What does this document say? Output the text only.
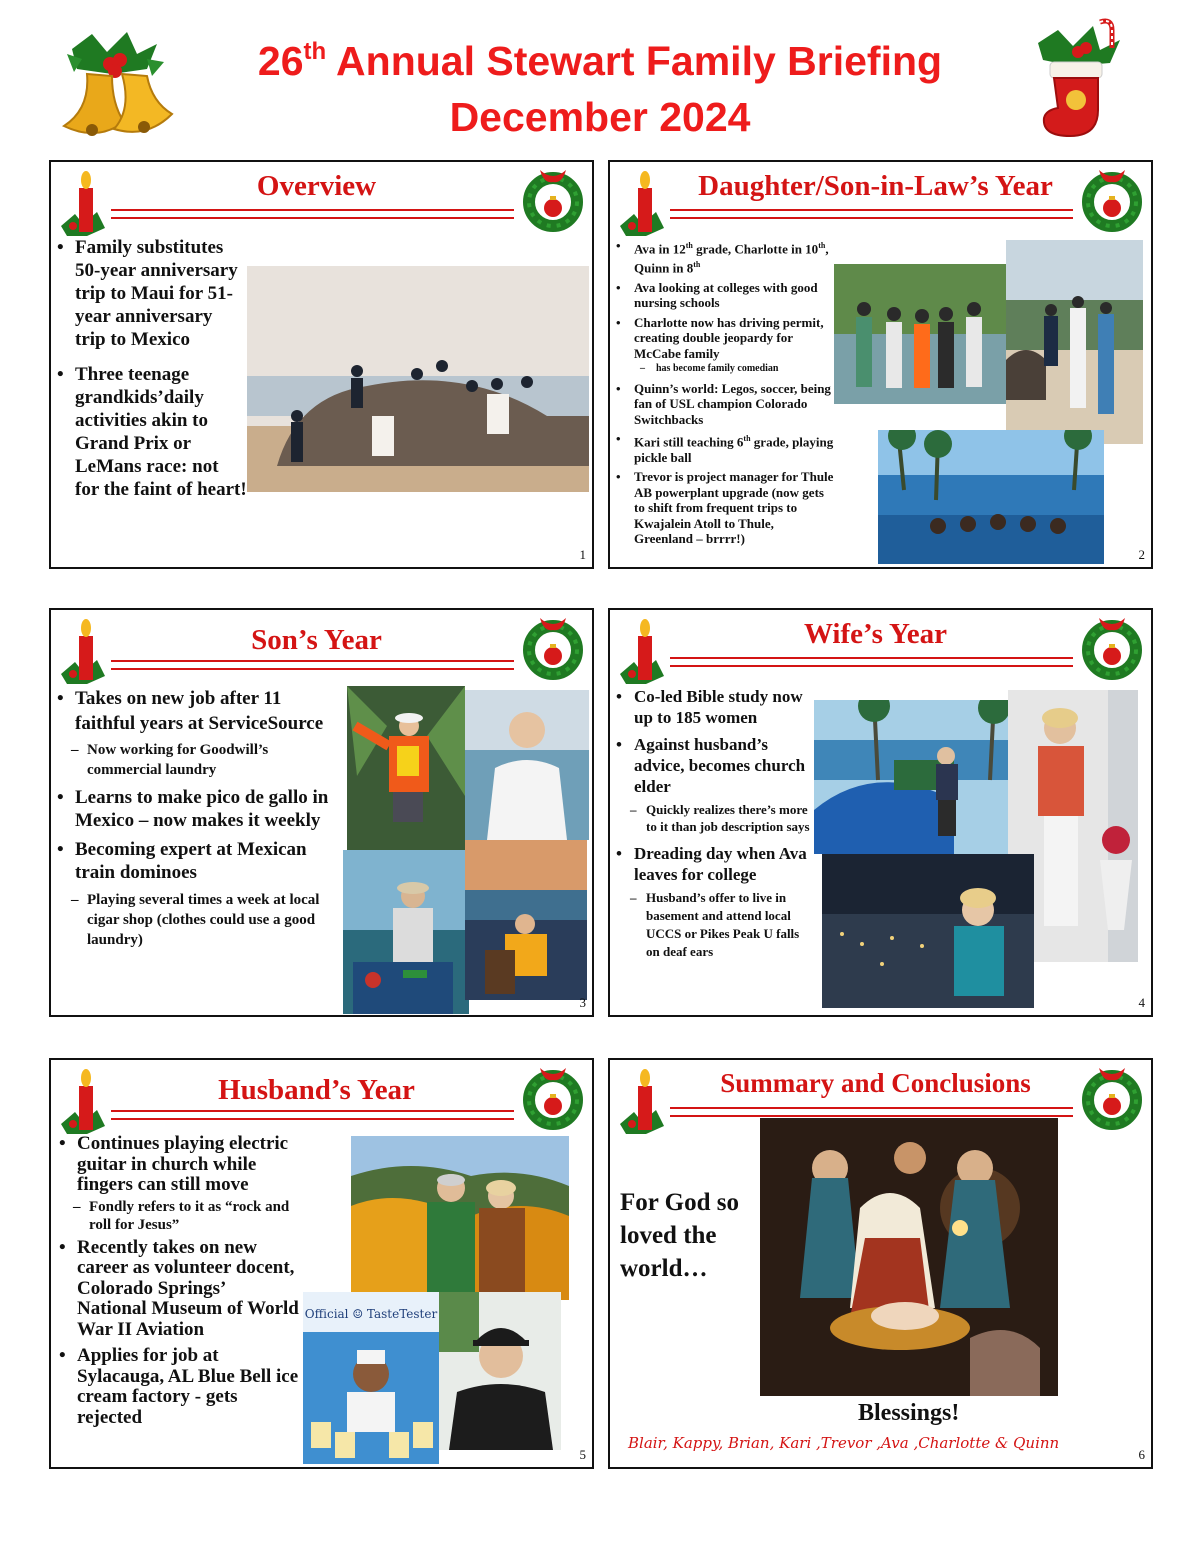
26th Annual Stewart Family Briefing
December 2024
Overview
• Family substitutes 50-year anniversary trip to Maui for 51-year anniversary trip to Mexico
• Three teenage grandkids’daily activities akin to Grand Prix or LeMans race: not for the faint of heart!
1
Daughter/Son-in-Law’s Year
• Ava in 12th grade, Charlotte in 10th, Quinn in 8th
• Ava looking at colleges with good nursing schools
• Charlotte now has driving permit, creating double jeopardy for McCabe family
– has become family comedian
• Quinn’s world: Legos, soccer, being fan of USL champion Colorado Switchbacks
• Kari still teaching 6th grade, playing pickle ball
• Trevor is project manager for Thule AB powerplant upgrade (now gets to shift from frequent trips to Kwajalein Atoll to Thule, Greenland – brrrr!)
2
Son’s Year
• Takes on new job after 11 faithful years at ServiceSource
– Now working for Goodwill’s commercial laundry
• Learns to make pico de gallo in Mexico – now makes it weekly
• Becoming expert at Mexican train dominoes
– Playing several times a week at local cigar shop (clothes could use a good laundry)
3
Wife’s Year
• Co-led Bible study now up to 185 women
• Against husband’s advice, becomes church elder
– Quickly realizes there’s more to it than job description says
• Dreading day when Ava leaves for college
– Husband’s offer to live in basement and attend local UCCS or Pikes Peak U falls on deaf ears
4
Husband’s Year
• Continues playing electric guitar in church while fingers can still move
– Fondly refers to it as “rock and roll for Jesus”
• Recently takes on new career as volunteer docent, Colorado Springs’ National Museum of World War II Aviation
• Applies for job at Sylacauga, AL Blue Bell ice cream factory - gets rejected
Official ☺ TasteTester
5
Summary and Conclusions
For God so loved the world…
Blessings!
Blair, Kappy, Brian, Kari ,Trevor ,Ava ,Charlotte & Quinn
6
